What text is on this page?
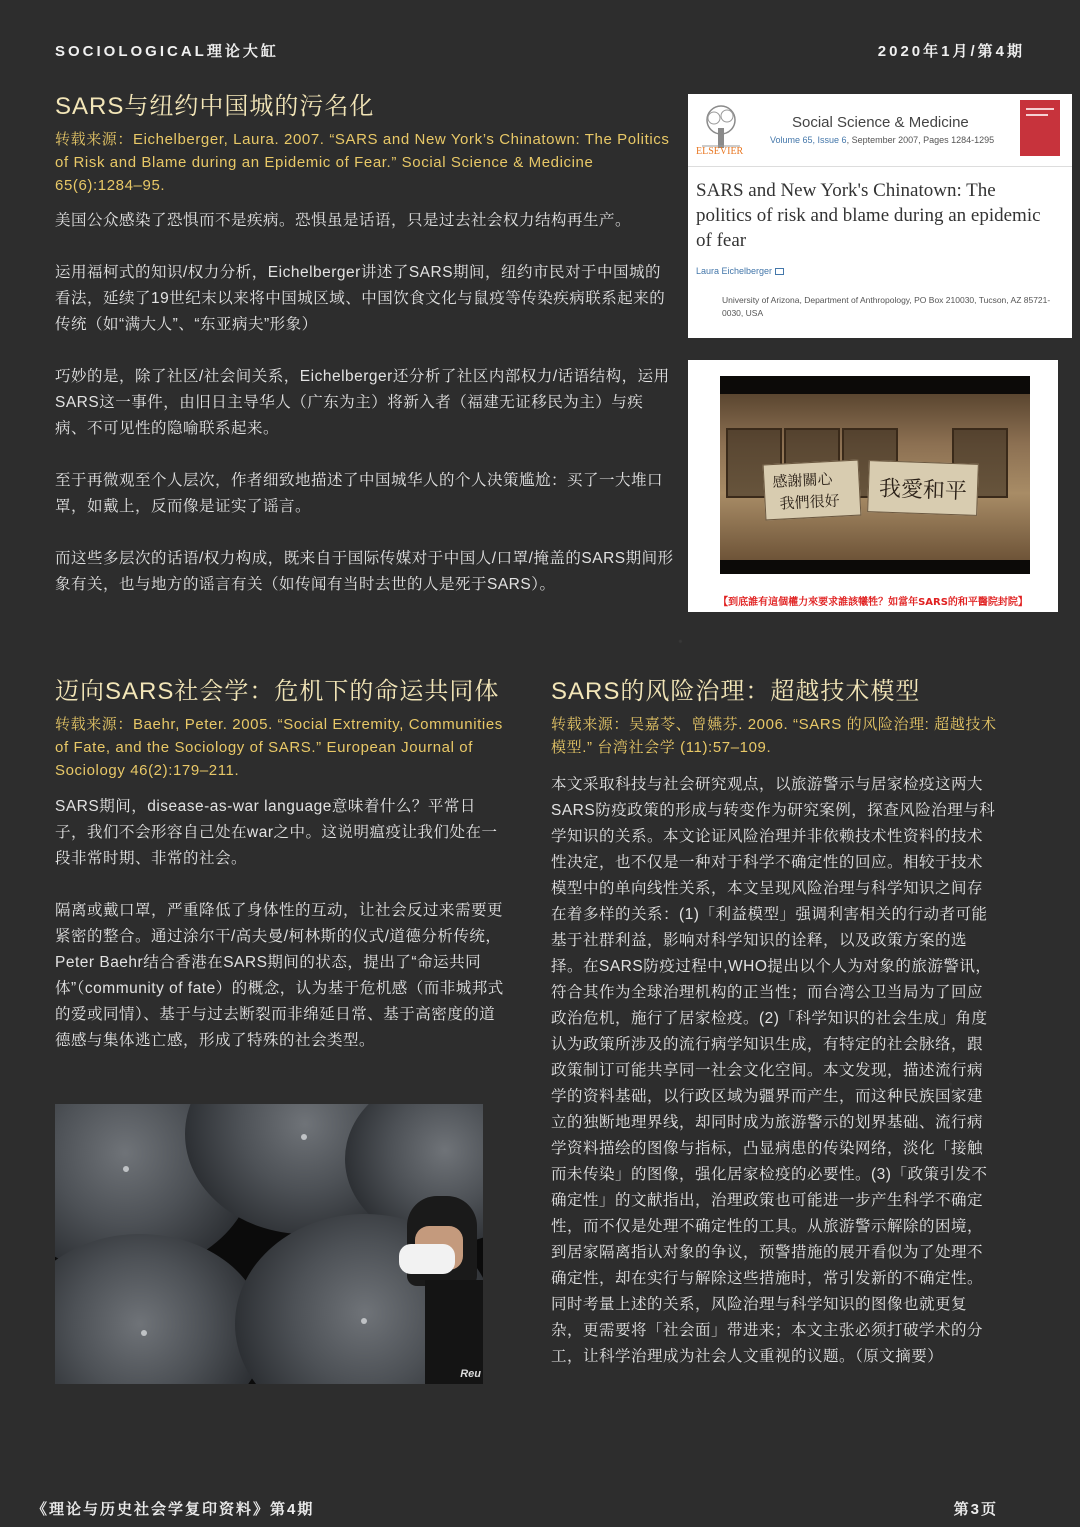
SOCIOLOGICAL理论大缸	2020年1月/第4期
SARS与纽约中国城的污名化
转载来源：Eichelberger, Laura. 2007. “SARS and New York’s Chinatown: The Politics of Risk and Blame during an Epidemic of Fear.” Social Science & Medicine 65(6):1284–95.

美国公众感染了恐惧而不是疾病。恐惧虽是话语，只是过去社会权力结构再生产。

运用福柯式的知识/权力分析，Eichelberger讲述了SARS期间，纽约市民对于中国城的看法，延续了19世纪末以来将中国城区域、中国饮食文化与鼠疫等传染疾病联系起来的传统（如“满大人”、“东亚病夫”形象）

巧妙的是，除了社区/社会间关系，Eichelberger还分析了社区内部权力/话语结构，运用SARS这一事件，由旧日主导华人（广东为主）将新入者（福建无证移民为主）与疾病、不可见性的隐喻联系起来。

至于再微观至个人层次，作者细致地描述了中国城华人的个人决策尴尬：买了一大堆口罩，如戴上，反而像是证实了谣言。

而这些多层次的话语/权力构成，既来自于国际传媒对于中国人/口罩/掩盖的SARS期间形象有关，也与地方的谣言有关（如传闻有当时去世的人是死于SARS）。

ELSEVIER
Social Science & Medicine
Volume 65, Issue 6, September 2007, Pages 1284-1295
SARS and New York's Chinatown: The politics of risk and blame during an epidemic of fear
Laura Eichelberger
University of Arizona, Department of Anthropology, PO Box 210030, Tucson, AZ 85721-0030, USA
感謝關心
我們很好 我愛和平
【到底誰有這個權力來要求誰該犧牲？如當年SARS的和平醫院封院】
迈向SARS社会学：危机下的命运共同体
转载来源：Baehr, Peter. 2005. “Social Extremity, Communities of Fate, and the Sociology of SARS.” European Journal of Sociology 46(2):179–211.

SARS期间，disease-as-war language意味着什么？平常日子，我们不会形容自己处在war之中。这说明瘟疫让我们处在一段非常时期、非常的社会。

隔离或戴口罩，严重降低了身体性的互动，让社会反过来需要更紧密的整合。通过涂尔干/高夫曼/柯林斯的仪式/道德分析传统，Peter Baehr结合香港在SARS期间的状态，提出了“命运共同体”（community of fate）的概念，认为基于危机感（而非城邦式的爱或同情）、基于与过去断裂而非绵延日常、基于高密度的道德感与集体逃亡感，形成了特殊的社会类型。

Reu
SARS的风险治理：超越技术模型
转载来源：吴嘉苓、曾嬿芬. 2006. “SARS 的风险治理: 超越技术模型.” 台湾社会学 (11):57–109.

本文采取科技与社会研究观点，以旅游警示与居家检疫这两大SARS防疫政策的形成与转变作为研究案例，探查风险治理与科学知识的关系。本文论证风险治理并非依赖技术性资料的技术性决定，也不仅是一种对于科学不确定性的回应。相较于技术模型中的单向线性关系，本文呈现风险治理与科学知识之间存在着多样的关系：(1)「利益模型」强调利害相关的行动者可能基于社群利益，影响对科学知识的诠释，以及政策方案的选择。在SARS防疫过程中,WHO提出以个人为对象的旅游警讯，符合其作为全球治理机构的正当性；而台湾公卫当局为了回应政治危机，施行了居家检疫。(2)「科学知识的社会生成」角度认为政策所涉及的流行病学知识生成，有特定的社会脉络，跟政策制订可能共享同一社会文化空间。本文发现，描述流行病学的资料基础，以行政区域为疆界而产生，而这种民族国家建立的独断地理界线，却同时成为旅游警示的划界基础、流行病学资料描绘的图像与指标，凸显病患的传染网络，淡化「接触而未传染」的图像，强化居家检疫的必要性。(3)「政策引发不确定性」的文献指出，治理政策也可能进一步产生科学不确定性，而不仅是处理不确定性的工具。从旅游警示解除的困境，到居家隔离指认对象的争议，预警措施的展开看似为了处理不确定性，却在实行与解除这些措施时，常引发新的不确定性。同时考量上述的关系，风险治理与科学知识的图像也就更复杂，更需要将「社会面」带进来；本文主张必须打破学术的分工，让科学治理成为社会人文重视的议题。（原文摘要）

《理论与历史社会学复印资料》第4期	第3页
